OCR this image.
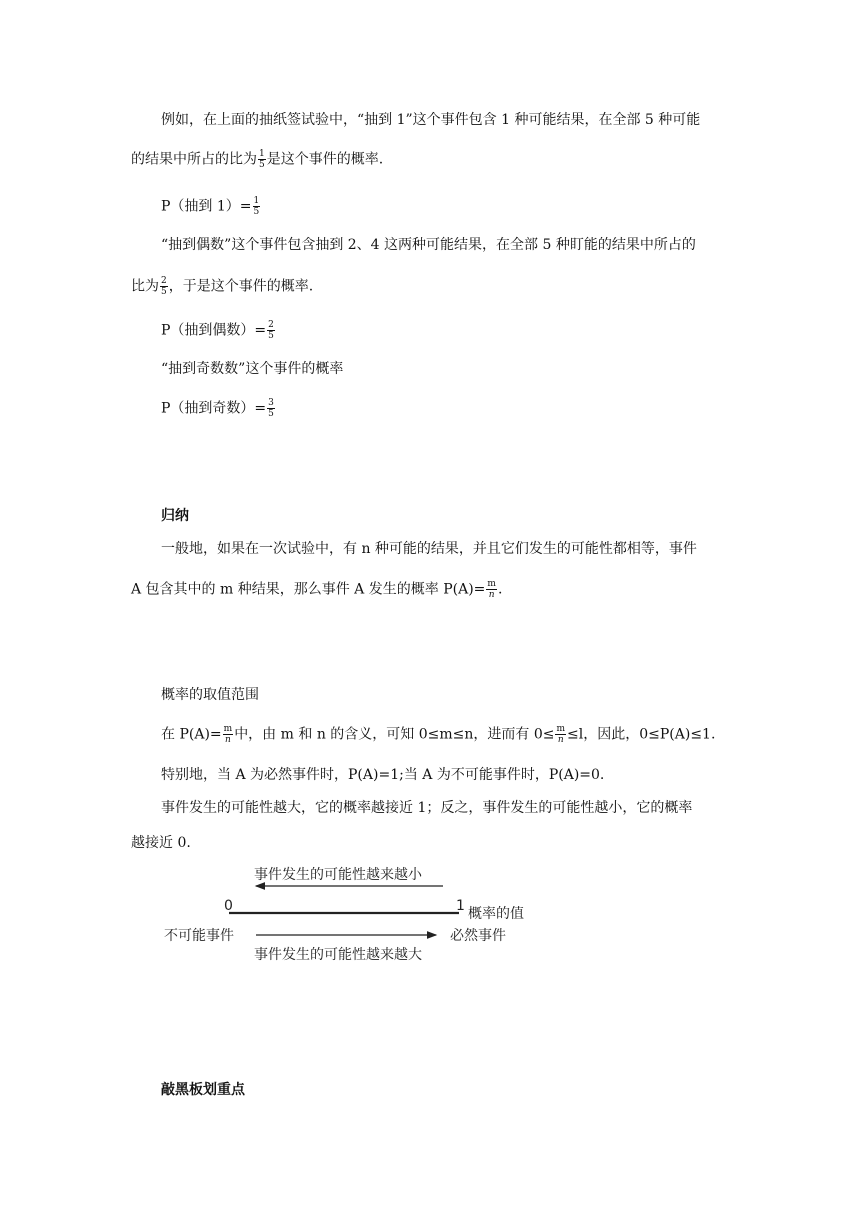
例如，在上面的抽纸签试验中，“抽到 1”这个事件包含 1 种可能结果，在全部 5 种可能
的结果中所占的比为 $\frac{1}{5}$ 是这个事件的概率.
P（抽到 $1)= \frac{1}{5}$
“抽到偶数”这个事件包含抽到 2、4 这两种可能结果，在全部 5 种盯能的结果中所占的
比为 $\frac{2}{5}$ ，于是这个事件的概率.
P（抽到偶数）= $\frac{2}{5}$
“抽到奇数数”这个事件的概率
P（抽到奇数）= $\frac{3}{5}$
归纳
一般地，如果在一次试验中，有 n 种可能的结果，并且它们发生的可能性都相等，事件
A 包含其中的 m 种结果，那么事件 A 发生的概率 $P(A)= \frac{m}{n}$ .
概率的取值范围
在 $P(A)= \frac{m}{n}$ 中，由 m 和 n 的含义，可知 0≤m≤n，进而有 $0\le \frac{m}{n} \le l$，因此，0≤P(A)≤1.
特别地，当 A 为必然事件时，P(A)=1;当 A 为不可能事件时，P(A)=0.
事件发生的可能性越大，它的概率越接近 1；反之，事件发生的可能性越小，它的概率
越接近 0.
事件发生的可能性越来越小
0	1 概率的值
不可能事件	必然事件
事件发生的可能性越来越大
敲黑板划重点
